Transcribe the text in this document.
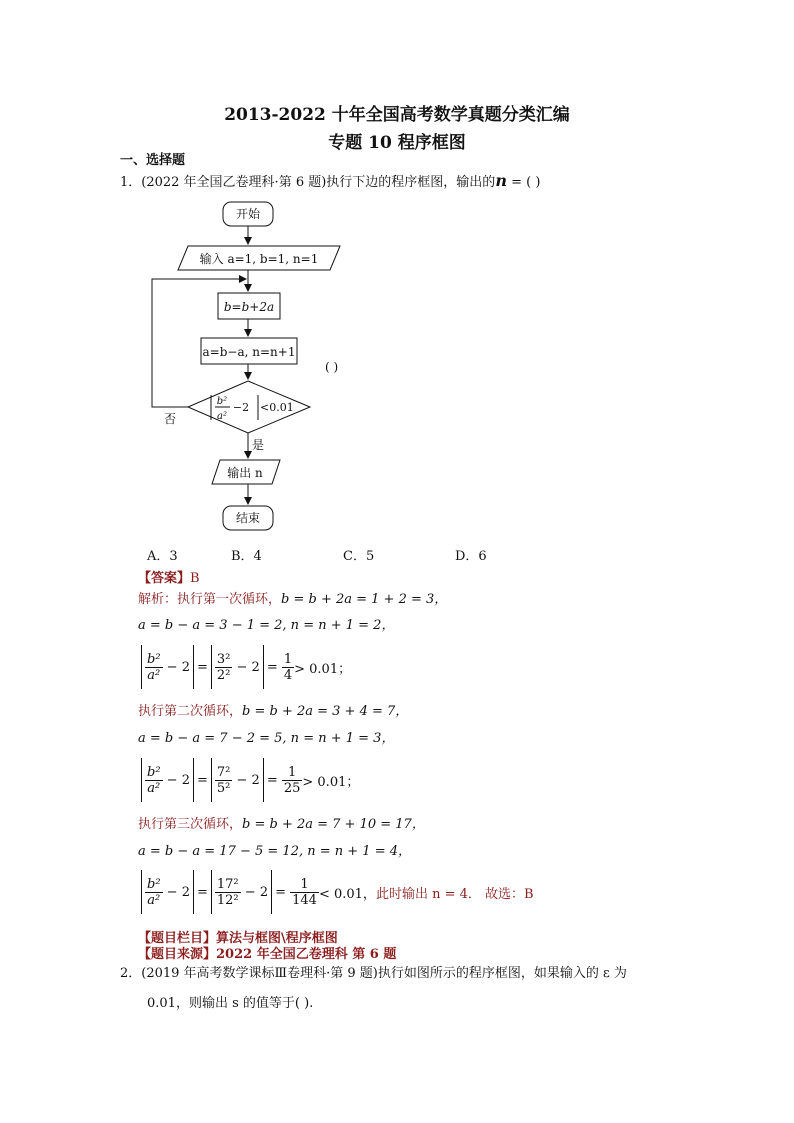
2013-2022 十年全国高考数学真题分类汇编
专题 10 程序框图
一、选择题
1．(2022 年全国乙卷理科·第 6 题)执行下边的程序框图，输出的n = ( )
开始
输入 a=1, b=1, n=1
b=b+2a
a=b−a, n=n+1
b²
a²
−2 <0.01
是
否
输出 n
结束
( )
A．3	B．4	C．5	D．6
【答案】B
解析：执行第一次循环，b = b + 2a = 1 + 2 = 3，
a = b − a = 3 − 1 = 2, n = n + 1 = 2，
$\frac{\text{b²}}{\text{a²}} - 2 = \frac{\text{3²}}{\text{2²}} - 2 = \frac{1}{4} > 0.01$；
执行第二次循环，b = b + 2a = 3 + 4 = 7，
a = b − a = 7 − 2 = 5, n = n + 1 = 3，
$\frac{\text{b²}}{\text{a²}} - 2 = \frac{\text{7²}}{\text{5²}} - 2 = \frac{1}{25} > 0.01$；
执行第三次循环，b = b + 2a = 7 + 10 = 17，
a = b − a = 17 − 5 = 12, n = n + 1 = 4，
$\frac{\text{b²}}{\text{a²}} - 2 = \frac{\text{17²}}{\text{12²}} - 2 = \frac{1}{144} < 0.01$，此时输出 n = 4． 故选：B
【题目栏目】算法与框图\程序框图
【题目来源】2022 年全国乙卷理科 第 6 题
2．(2019 年高考数学课标Ⅲ卷理科·第 9 题)执行如图所示的程序框图，如果输入的 ε 为
0.01，则输出 s 的值等于( ).
